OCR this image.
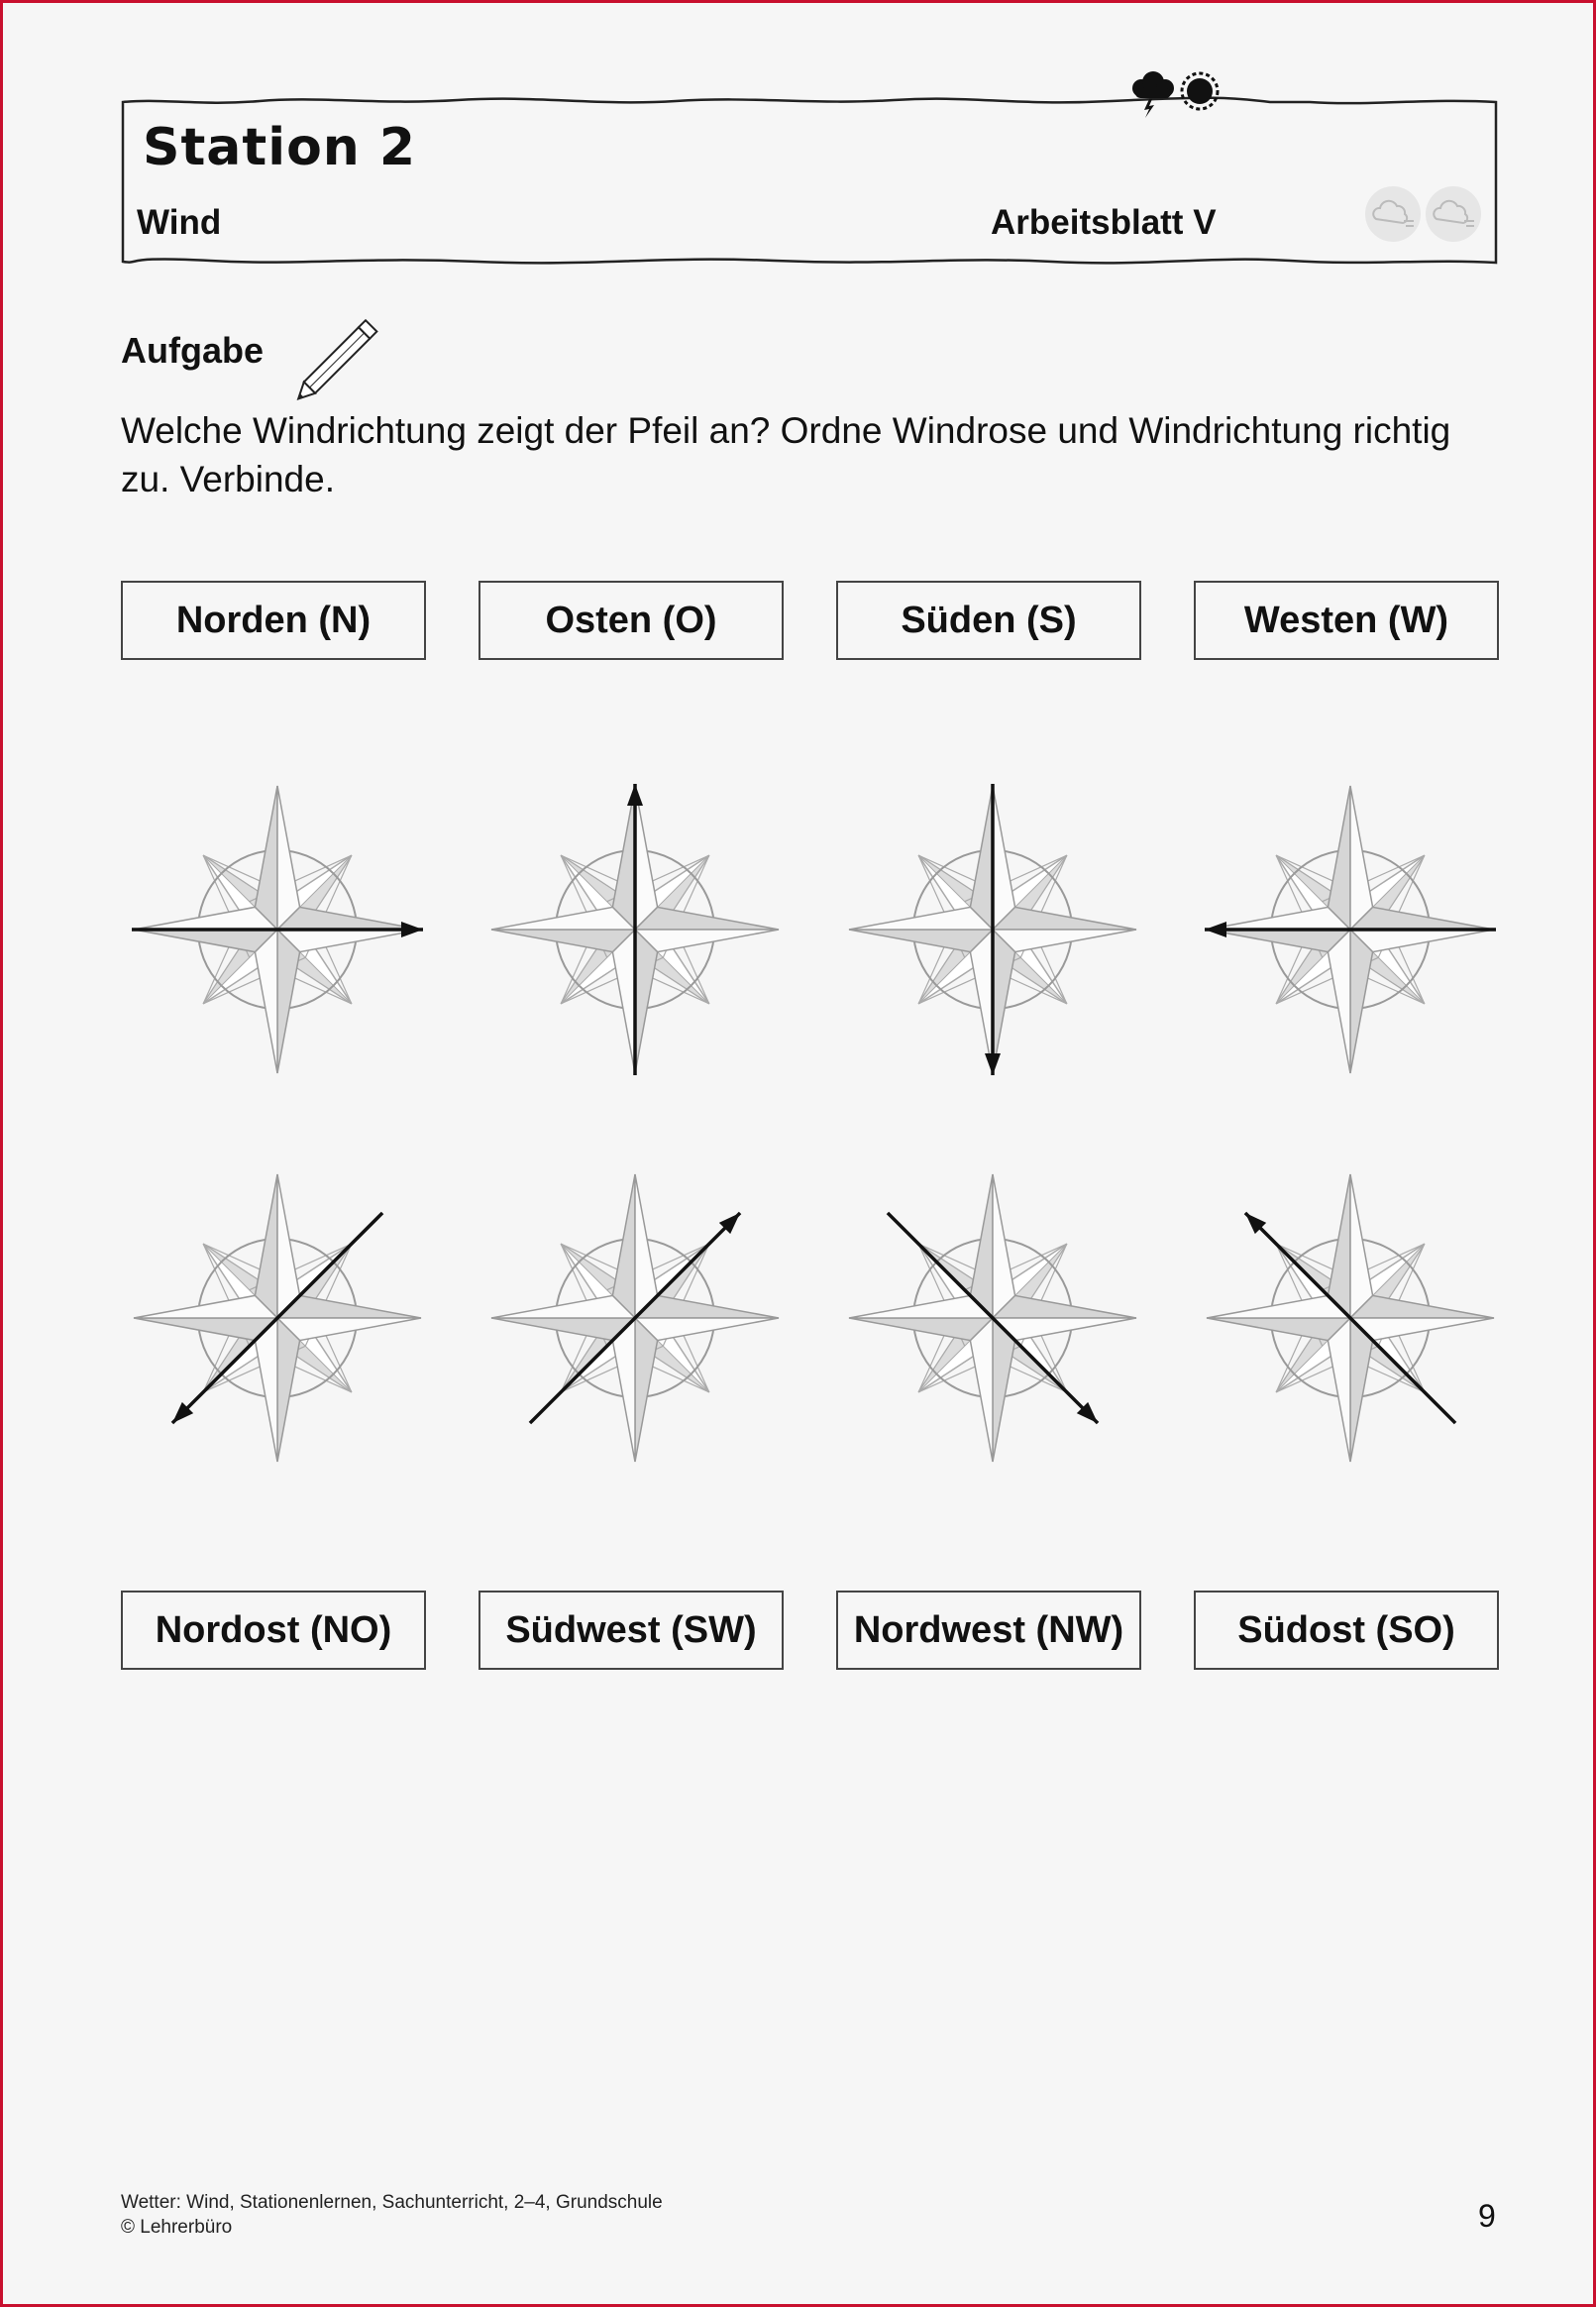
Station 2
Wind	Arbeitsblatt V
Aufgabe
Welche Windrichtung zeigt der Pfeil an? Ordne Windrose und Windrichtung richtig zu. Verbinde.
Norden (N)	Osten (O)	Süden (S)	Westen (W)
Nordost (NO)	Südwest (SW)	Nordwest (NW)	Südost (SO)
Wetter: Wind, Stationenlernen, Sachunterricht, 2–4, Grundschule
© Lehrerbüro	9
